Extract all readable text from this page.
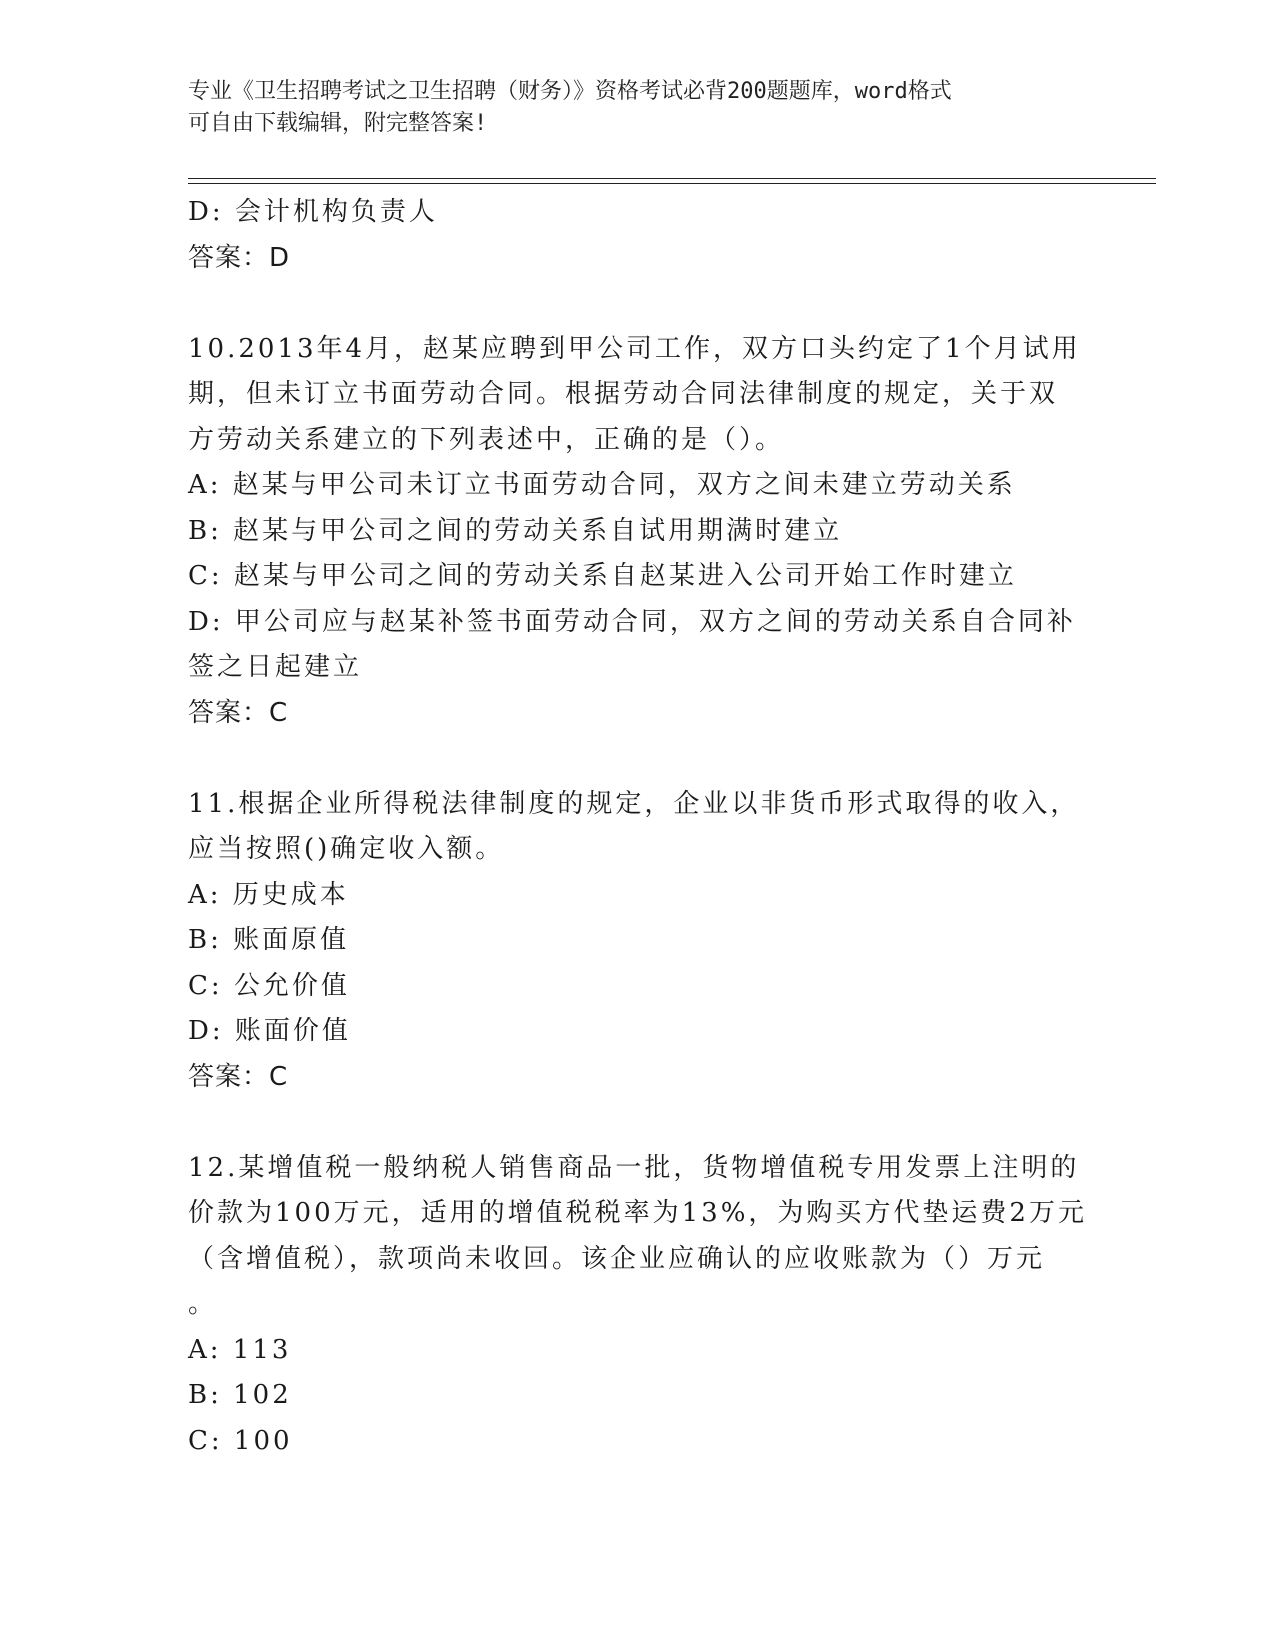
专业《卫生招聘考试之卫生招聘（财务）》资格考试必背200题题库，word格式
可自由下载编辑，附完整答案!
D: 会计机构负责人
答案：D
10.2013年4月，赵某应聘到甲公司工作，双方口头约定了1个月试用
期，但未订立书面劳动合同。根据劳动合同法律制度的规定，关于双
方劳动关系建立的下列表述中，正确的是（）。
A: 赵某与甲公司未订立书面劳动合同，双方之间未建立劳动关系
B: 赵某与甲公司之间的劳动关系自试用期满时建立
C: 赵某与甲公司之间的劳动关系自赵某进入公司开始工作时建立
D: 甲公司应与赵某补签书面劳动合同，双方之间的劳动关系自合同补
签之日起建立
答案：C
11.根据企业所得税法律制度的规定，企业以非货币形式取得的收入，
应当按照()确定收入额。
A: 历史成本
B: 账面原值
C: 公允价值
D: 账面价值
答案：C
12.某增值税一般纳税人销售商品一批，货物增值税专用发票上注明的
价款为100万元，适用的增值税税率为13%，为购买方代垫运费2万元
（含增值税），款项尚未收回。该企业应确认的应收账款为（）万元
。
A: 113
B: 102
C: 100
